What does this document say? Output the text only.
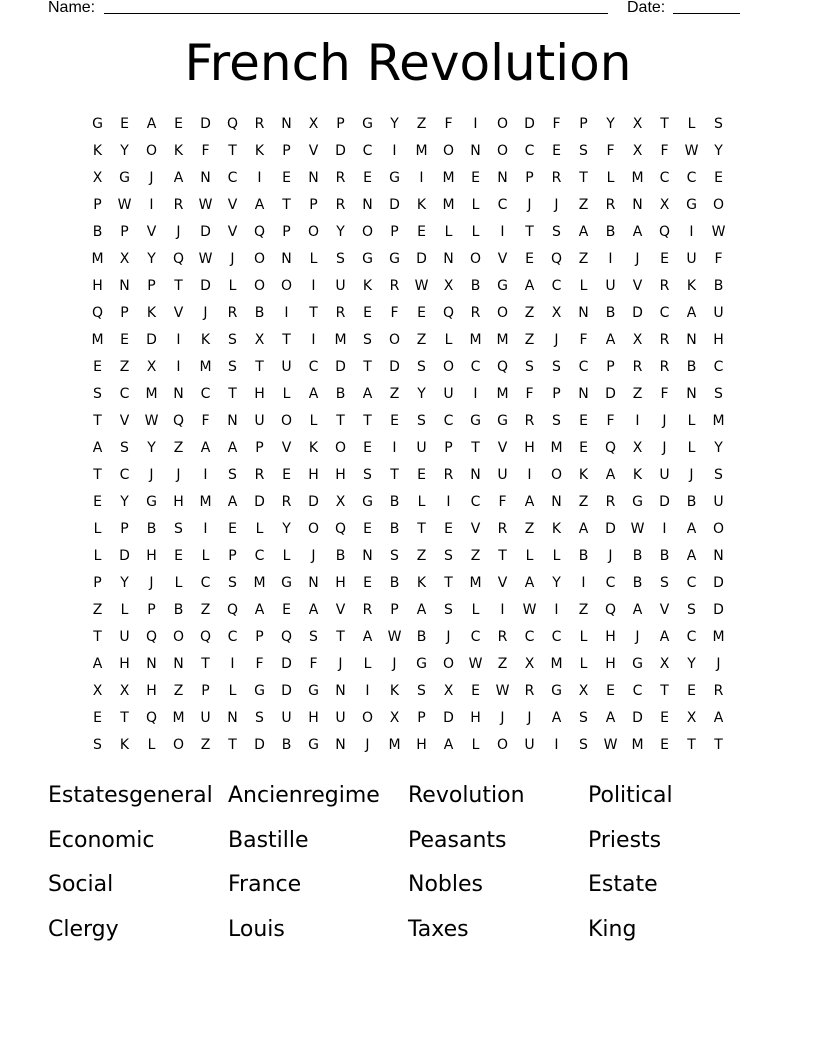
Name:	Date:
French Revolution
G	E	A	E	D	Q	R	N	X	P	G	Y	Z	F	I	O	D	F	P	Y	X	T	L	S
K	Y	O	K	F	T	K	P	V	D	C	I	M	O	N	O	C	E	S	F	X	F	W	Y
X	G	J	A	N	C	I	E	N	R	E	G	I	M	E	N	P	R	T	L	M	C	C	E
P	W	I	R	W	V	A	T	P	R	N	D	K	M	L	C	J	J	Z	R	N	X	G	O
B	P	V	J	D	V	Q	P	O	Y	O	P	E	L	L	I	T	S	A	B	A	Q	I	W
M	X	Y	Q	W	J	O	N	L	S	G	G	D	N	O	V	E	Q	Z	I	J	E	U	F
H	N	P	T	D	L	O	O	I	U	K	R	W	X	B	G	A	C	L	U	V	R	K	B
Q	P	K	V	J	R	B	I	T	R	E	F	E	Q	R	O	Z	X	N	B	D	C	A	U
M	E	D	I	K	S	X	T	I	M	S	O	Z	L	M	M	Z	J	F	A	X	R	N	H
E	Z	X	I	M	S	T	U	C	D	T	D	S	O	C	Q	S	S	C	P	R	R	B	C
S	C	M	N	C	T	H	L	A	B	A	Z	Y	U	I	M	F	P	N	D	Z	F	N	S
T	V	W	Q	F	N	U	O	L	T	T	E	S	C	G	G	R	S	E	F	I	J	L	M
A	S	Y	Z	A	A	P	V	K	O	E	I	U	P	T	V	H	M	E	Q	X	J	L	Y
T	C	J	J	I	S	R	E	H	H	S	T	E	R	N	U	I	O	K	A	K	U	J	S
E	Y	G	H	M	A	D	R	D	X	G	B	L	I	C	F	A	N	Z	R	G	D	B	U
L	P	B	S	I	E	L	Y	O	Q	E	B	T	E	V	R	Z	K	A	D	W	I	A	O
L	D	H	E	L	P	C	L	J	B	N	S	Z	S	Z	T	L	L	B	J	B	B	A	N
P	Y	J	L	C	S	M	G	N	H	E	B	K	T	M	V	A	Y	I	C	B	S	C	D
Z	L	P	B	Z	Q	A	E	A	V	R	P	A	S	L	I	W	I	Z	Q	A	V	S	D
T	U	Q	O	Q	C	P	Q	S	T	A	W	B	J	C	R	C	C	L	H	J	A	C	M
A	H	N	N	T	I	F	D	F	J	L	J	G	O	W	Z	X	M	L	H	G	X	Y	J
X	X	H	Z	P	L	G	D	G	N	I	K	S	X	E	W	R	G	X	E	C	T	E	R
E	T	Q	M	U	N	S	U	H	U	O	X	P	D	H	J	J	A	S	A	D	E	X	A
S	K	L	O	Z	T	D	B	G	N	J	M	H	A	L	O	U	I	S	W	M	E	T	T
Estatesgeneral Ancienregime	Revolution	Political
Economic	Bastille	Peasants	Priests
Social	France	Nobles	Estate
Clergy	Louis	Taxes	King
